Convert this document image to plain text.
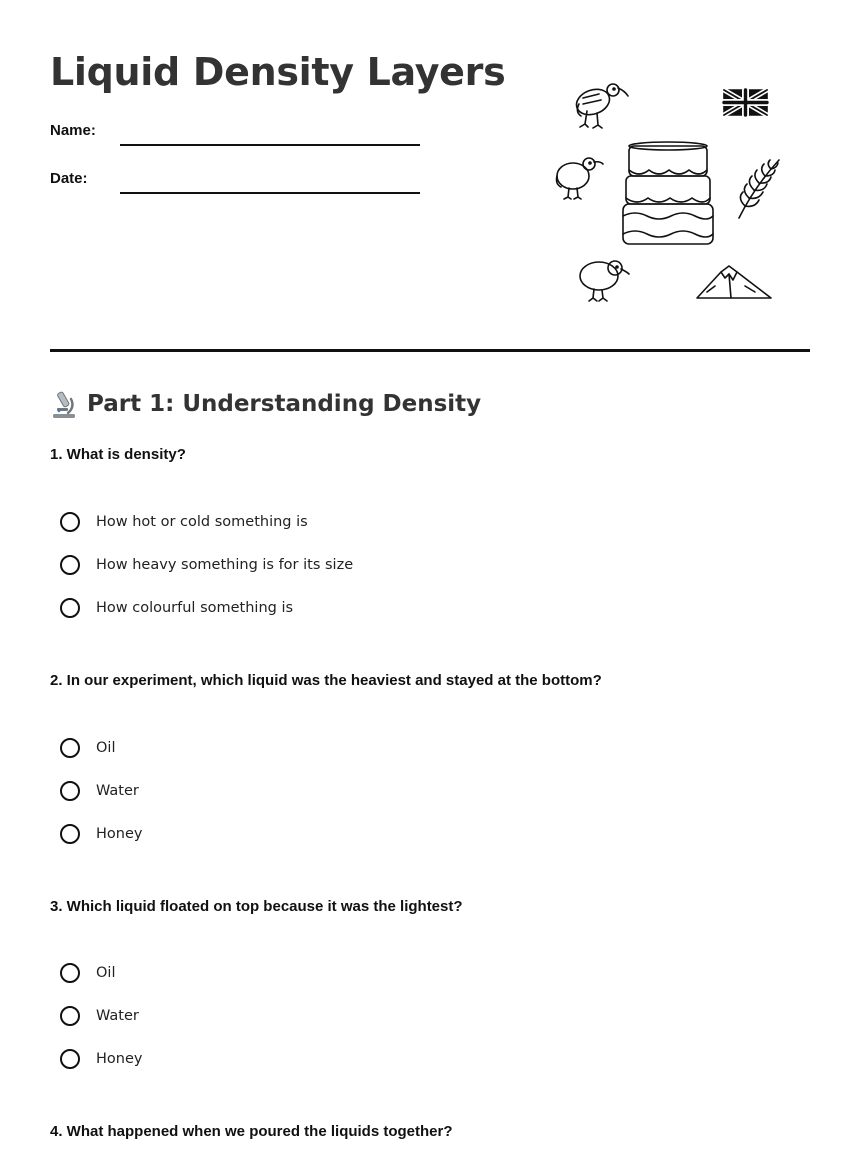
Liquid Density Layers
Name:
Date:
Part 1: Understanding Density
1. What is density?
How hot or cold something is
How heavy something is for its size
How colourful something is
2. In our experiment, which liquid was the heaviest and stayed at the bottom?
Oil
Water
Honey
3. Which liquid floated on top because it was the lightest?
Oil
Water
Honey
4. What happened when we poured the liquids together?
